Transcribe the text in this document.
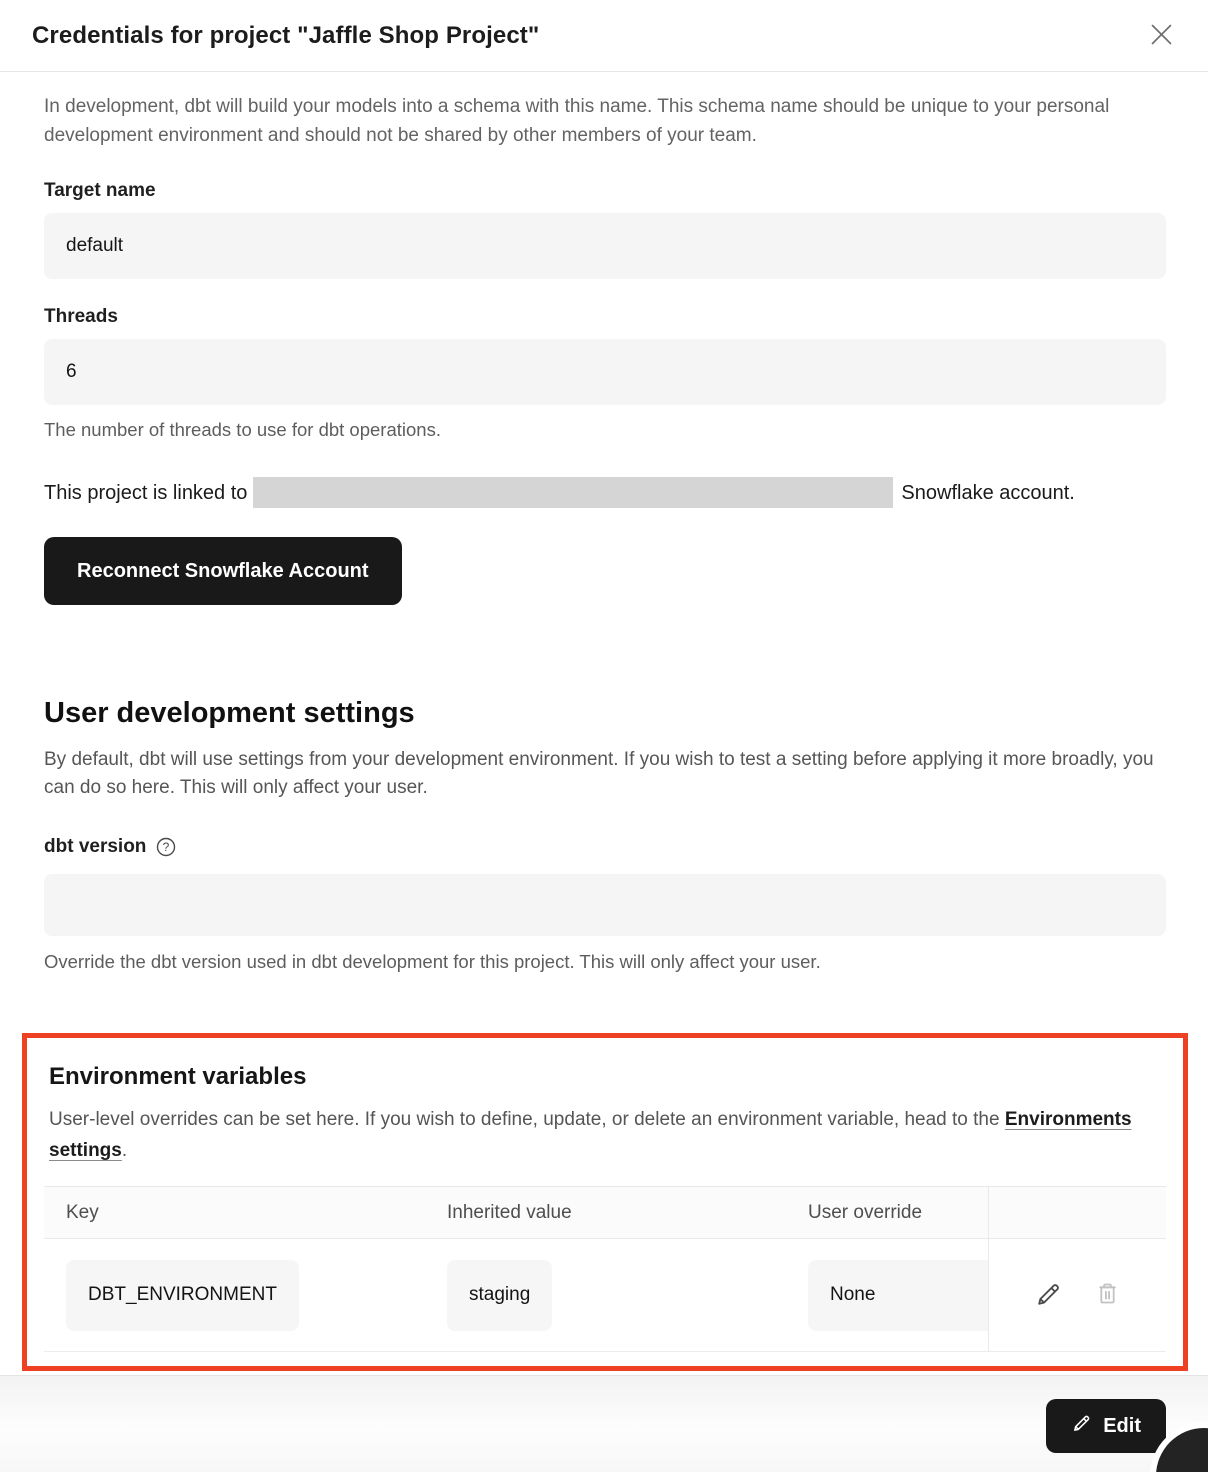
Credentials for project "Jaffle Shop Project"

In development, dbt will build your models into a schema with this name. This schema name should be unique to your personal development environment and should not be shared by other members of your team.

Target name
default
Threads
6
The number of threads to use for dbt operations.

This project is linked to	Snowflake account.

Reconnect Snowflake Account
User development settings

By default, dbt will use settings from your development environment. If you wish to test a setting before applying it more broadly, you can do so here. This will only affect your user.

dbt version ?
Override the dbt version used in dbt development for this project. This will only affect your user.
Environment variables

User-level overrides can be set here. If you wish to define, update, or delete an environment variable, head to the Environments settings.

Key	Inherited value	User override	
DBT_ENVIRONMENT	staging	None	
Edit
